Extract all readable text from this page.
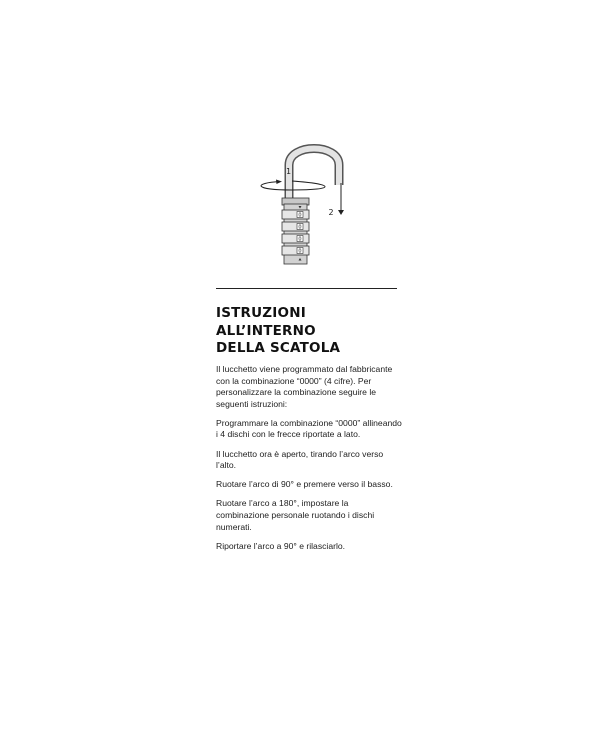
0
0
0
0
1
2
ISTRUZIONI
ALL’INTERNO
DELLA SCATOLA

Il lucchetto viene programmato dal fabbricante con la combinazione “0000” (4 cifre). Per personalizzare la combinazione seguire le seguenti istruzioni:

Programmare la combinazione “0000” allineando i 4 dischi con le frecce riportate a lato.

Il lucchetto ora è aperto, tirando l’arco verso l’alto.

Ruotare l’arco di 90° e premere verso il basso.

Ruotare l’arco a 180°, impostare la combinazione personale ruotando i dischi numerati.

Riportare l’arco a 90° e rilasciarlo.
